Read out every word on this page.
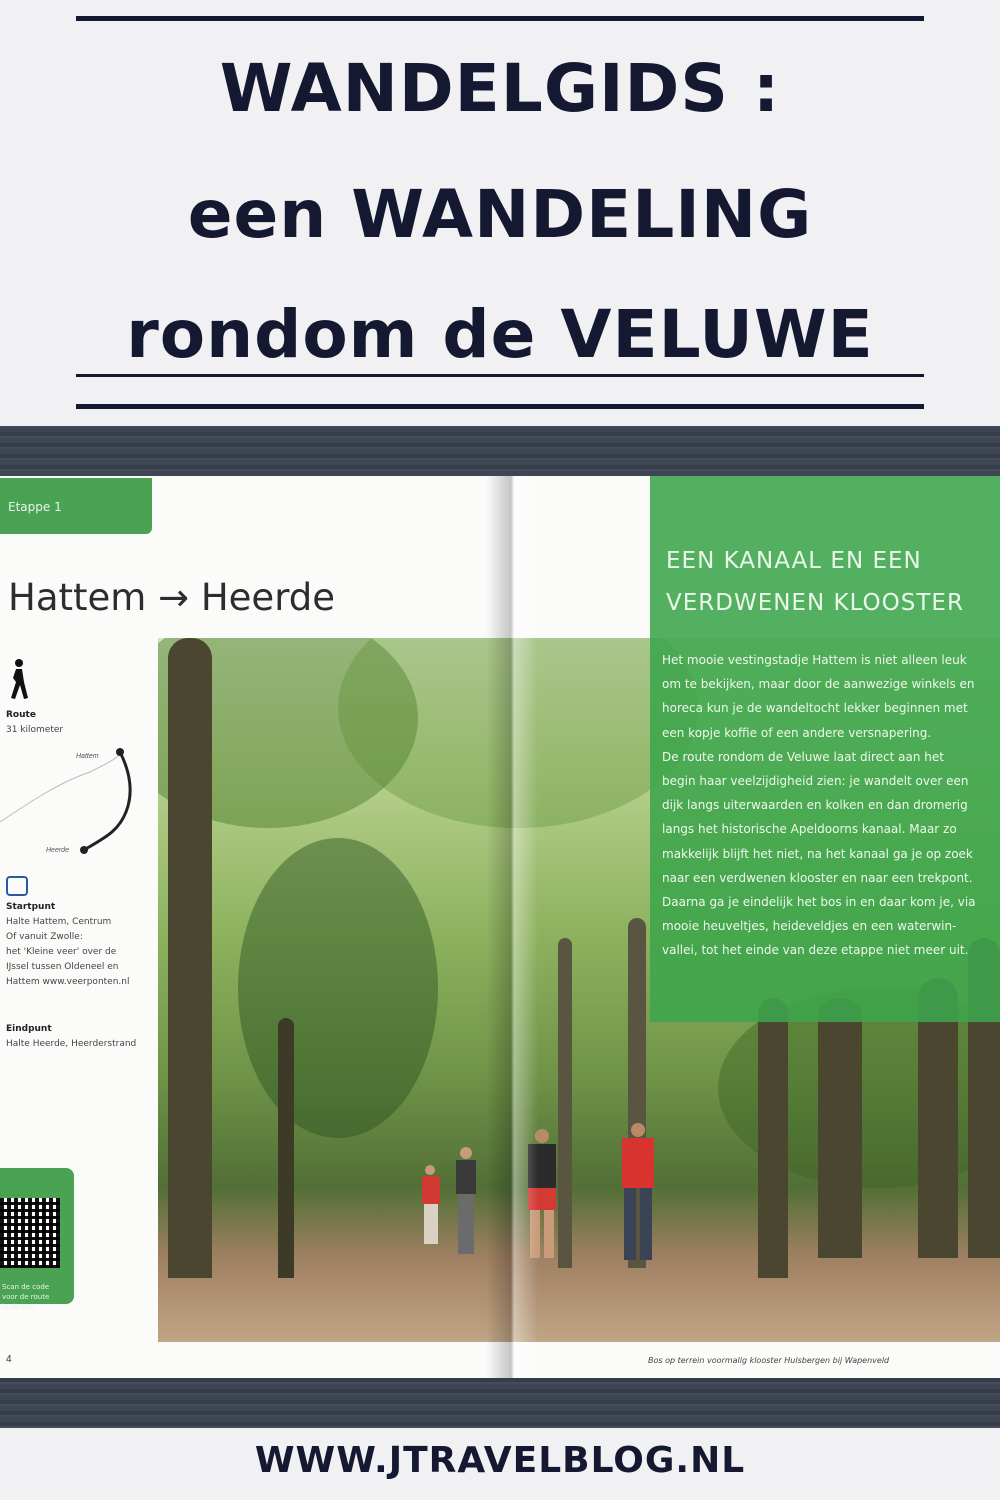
WANDELGIDS :
een WANDELING
rondom de VELUWE
Etappe 1
Hattem → Heerde
Route
31 kilometer
Hattem
Heerde
Startpunt
Halte Hattem, Centrum
Of vanuit Zwolle:
het 'Kleine veer' over de
IJssel tussen Oldeneel en
Hattem www.veerponten.nl
Eindpunt
Halte Heerde, Heerderstrand
Scan de code
voor de route
in de app
4
EEN KANAAL EN EEN
VERDWENEN KLOOSTER
Het mooie vestingstadje Hattem is niet alleen leuk
om te bekijken, maar door de aanwezige winkels en
horeca kun je de wandeltocht lekker beginnen met
een kopje koffie of een andere versnapering.
De route rondom de Veluwe laat direct aan het
begin haar veelzijdigheid zien: je wandelt over een
dijk langs uiterwaarden en kolken en dan dromerig
langs het historische Apeldoorns kanaal. Maar zo
makkelijk blijft het niet, na het kanaal ga je op zoek
naar een verdwenen klooster en naar een trekpont.
Daarna ga je eindelijk het bos in en daar kom je, via
mooie heuveltjes, heideveldjes en een waterwin-
vallei, tot het einde van deze etappe niet meer uit.
Bos op terrein voormalig klooster Hulsbergen bij Wapenveld
WWW.JTRAVELBLOG.NL
